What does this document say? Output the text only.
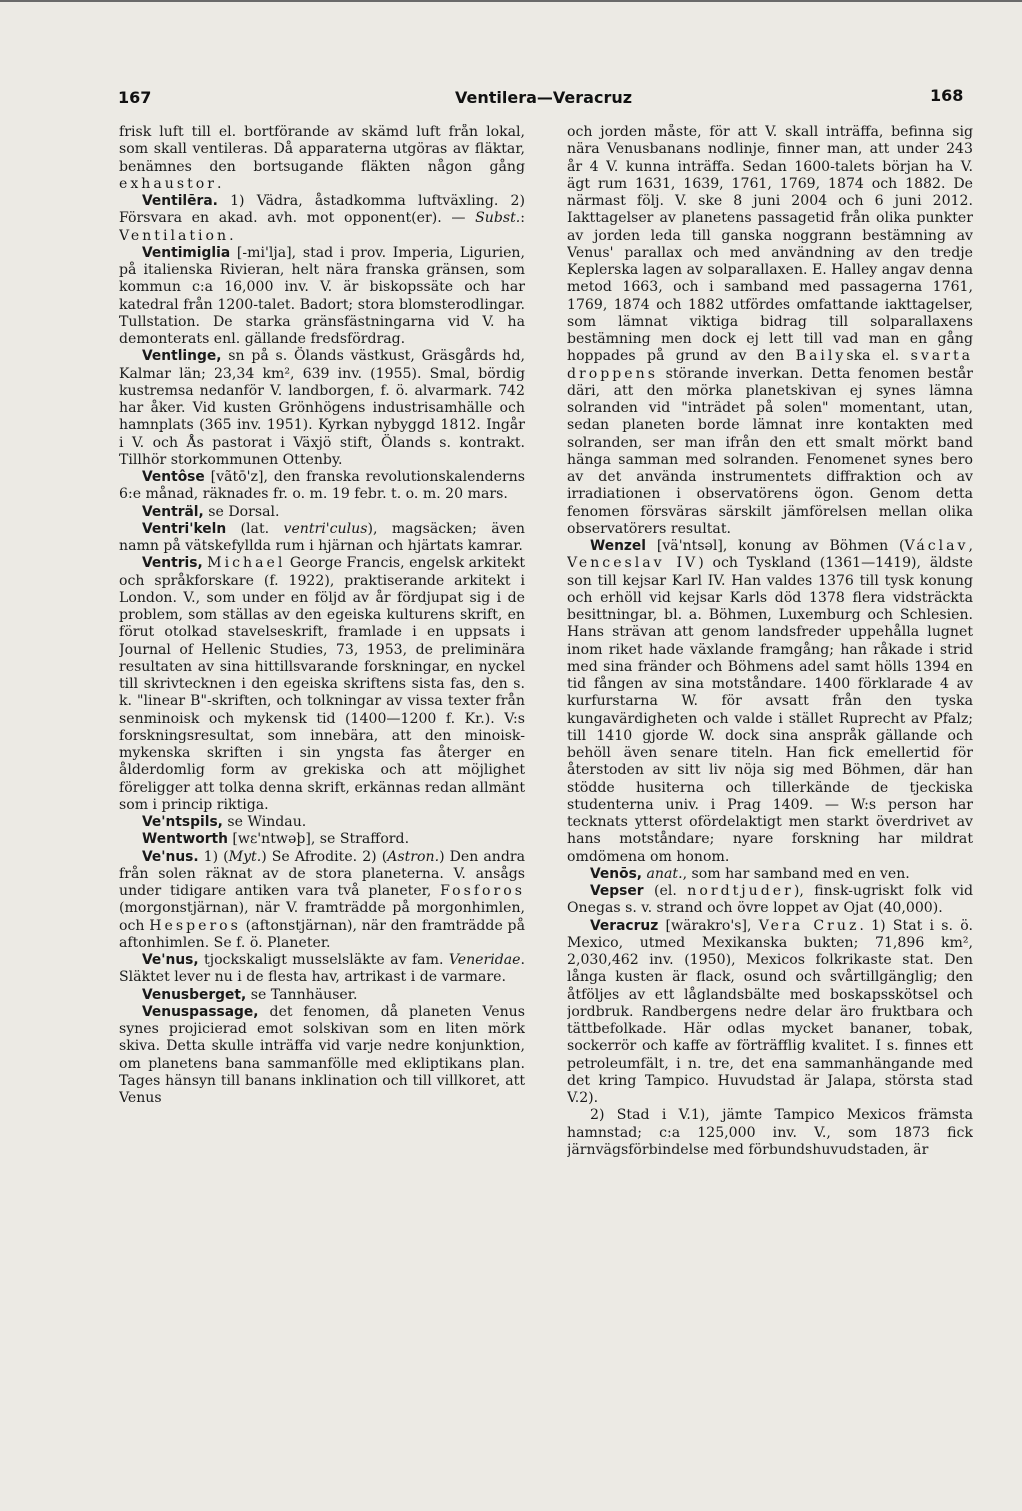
167	Ventilera—Veracruz	168

frisk luft till el. bortförande av skämd luft från lokal, som skall ventileras. Då apparaterna utgöras av fläktar, benämnes den bortsugande fläkten någon gång exhaustor.

Ventilēra. 1) Vädra, åstadkomma luftväxling. 2) Försvara en akad. avh. mot opponent(er). — Subst.: Ventilation.

Ventimiglia [-mi'lja], stad i prov. Imperia, Ligurien, på italienska Rivieran, helt nära franska gränsen, som kommun c:a 16,000 inv. V. är biskopssäte och har katedral från 1200-talet. Badort; stora blomsterodlingar. Tullstation. De starka gränsfästningarna vid V. ha demonterats enl. gällande fredsfördrag.

Ventlinge, sn på s. Ölands västkust, Gräsgårds hd, Kalmar län; 23,34 km², 639 inv. (1955). Smal, bördig kustremsa nedanför V. landborgen, f. ö. alvarmark. 742 har åker. Vid kusten Grönhögens industrisamhälle och hamnplats (365 inv. 1951). Kyrkan nybyggd 1812. Ingår i V. och Ås pastorat i Växjö stift, Ölands s. kontrakt. Tillhör storkommunen Ottenby.

Ventôse [vãtō'z], den franska revolutionskalenderns 6:e månad, räknades fr. o. m. 19 febr. t. o. m. 20 mars.

Venträl, se Dorsal.

Ventri'keln (lat. ventri'culus), magsäcken; även namn på vätskefyllda rum i hjärnan och hjärtats kamrar.

Ventris, Michael George Francis, engelsk arkitekt och språkforskare (f. 1922), praktiserande arkitekt i London. V., som under en följd av år fördjupat sig i de problem, som ställas av den egeiska kulturens skrift, en förut otolkad stavelseskrift, framlade i en uppsats i Journal of Hellenic Studies, 73, 1953, de preliminära resultaten av sina hittillsvarande forskningar, en nyckel till skrivtecknen i den egeiska skriftens sista fas, den s. k. "linear B"-skriften, och tolkningar av vissa texter från senminoisk och mykensk tid (1400—1200 f. Kr.). V:s forskningsresultat, som innebära, att den minoisk-mykenska skriften i sin yngsta fas återger en ålderdomlig form av grekiska och att möjlighet föreligger att tolka denna skrift, erkännas redan allmänt som i princip riktiga.

Ve'ntspils, se Windau.

Wentworth [wε'ntwəþ], se Strafford.

Ve'nus. 1) (Myt.) Se Afrodite. 2) (Astron.) Den andra från solen räknat av de stora planeterna. V. ansågs under tidigare antiken vara två planeter, Fosforos (morgonstjärnan), när V. framträdde på morgonhimlen, och Hesperos (aftonstjärnan), när den framträdde på aftonhimlen. Se f. ö. Planeter.

Ve'nus, tjockskaligt musselsläkte av fam. Veneridae. Släktet lever nu i de flesta hav, artrikast i de varmare.

Venusberget, se Tannhäuser.

Venuspassage, det fenomen, då planeten Venus synes projicierad emot solskivan som en liten mörk skiva. Detta skulle inträffa vid varje nedre konjunktion, om planetens bana sammanfölle med ekliptikans plan. Tages hänsyn till banans inklination och till villkoret, att Venus

och jorden måste, för att V. skall inträffa, befinna sig nära Venusbanans nodlinje, finner man, att under 243 år 4 V. kunna inträffa. Sedan 1600-talets början ha V. ägt rum 1631, 1639, 1761, 1769, 1874 och 1882. De närmast följ. V. ske 8 juni 2004 och 6 juni 2012. Iakttagelser av planetens passagetid från olika punkter av jorden leda till ganska noggrann bestämning av Venus' parallax och med användning av den tredje Keplerska lagen av solparallaxen. E. Halley angav denna metod 1663, och i samband med passagerna 1761, 1769, 1874 och 1882 utfördes omfattande iakttagelser, som lämnat viktiga bidrag till solparallaxens bestämning men dock ej lett till vad man en gång hoppades på grund av den Bailyska el. svarta droppens störande inverkan. Detta fenomen består däri, att den mörka planetskivan ej synes lämna solranden vid "inträdet på solen" momentant, utan, sedan planeten borde lämnat inre kontakten med solranden, ser man ifrån den ett smalt mörkt band hänga samman med solranden. Fenomenet synes bero av det använda instrumentets diffraktion och av irradiationen i observatörens ögon. Genom detta fenomen försväras särskilt jämförelsen mellan olika observatörers resultat.

Wenzel [vä'ntsəl], konung av Böhmen (Václav, Venceslav IV) och Tyskland (1361—1419), äldste son till kejsar Karl IV. Han valdes 1376 till tysk konung och erhöll vid kejsar Karls död 1378 flera vidsträckta besittningar, bl. a. Böhmen, Luxemburg och Schlesien. Hans strävan att genom landsfreder uppehålla lugnet inom riket hade växlande framgång; han råkade i strid med sina fränder och Böhmens adel samt hölls 1394 en tid fången av sina motståndare. 1400 förklarade 4 av kurfurstarna W. för avsatt från den tyska kungavärdigheten och valde i stället Ruprecht av Pfalz; till 1410 gjorde W. dock sina anspråk gällande och behöll även senare titeln. Han fick emellertid för återstoden av sitt liv nöja sig med Böhmen, där han stödde husiterna och tillerkände de tjeckiska studenterna univ. i Prag 1409. — W:s person har tecknats ytterst ofördelaktigt men starkt överdrivet av hans motståndare; nyare forskning har mildrat omdömena om honom.

Venōs, anat., som har samband med en ven.

Vepser (el. nordtjuder), finsk-ugriskt folk vid Onegas s. v. strand och övre loppet av Ojat (40,000).

Veracruz [wärakro's], Vera Cruz. 1) Stat i s. ö. Mexico, utmed Mexikanska bukten; 71,896 km², 2,030,462 inv. (1950), Mexicos folkrikaste stat. Den långa kusten är flack, osund och svårtillgänglig; den åtföljes av ett låglandsbälte med boskapsskötsel och jordbruk. Randbergens nedre delar äro fruktbara och tättbefolkade. Här odlas mycket bananer, tobak, sockerrör och kaffe av förträfflig kvalitet. I s. finnes ett petroleumfält, i n. tre, det ena sammanhängande med det kring Tampico. Huvudstad är Jalapa, största stad V.2).

2) Stad i V.1), jämte Tampico Mexicos främsta hamnstad; c:a 125,000 inv. V., som 1873 fick järnvägsförbindelse med förbundshuvudstaden, är
